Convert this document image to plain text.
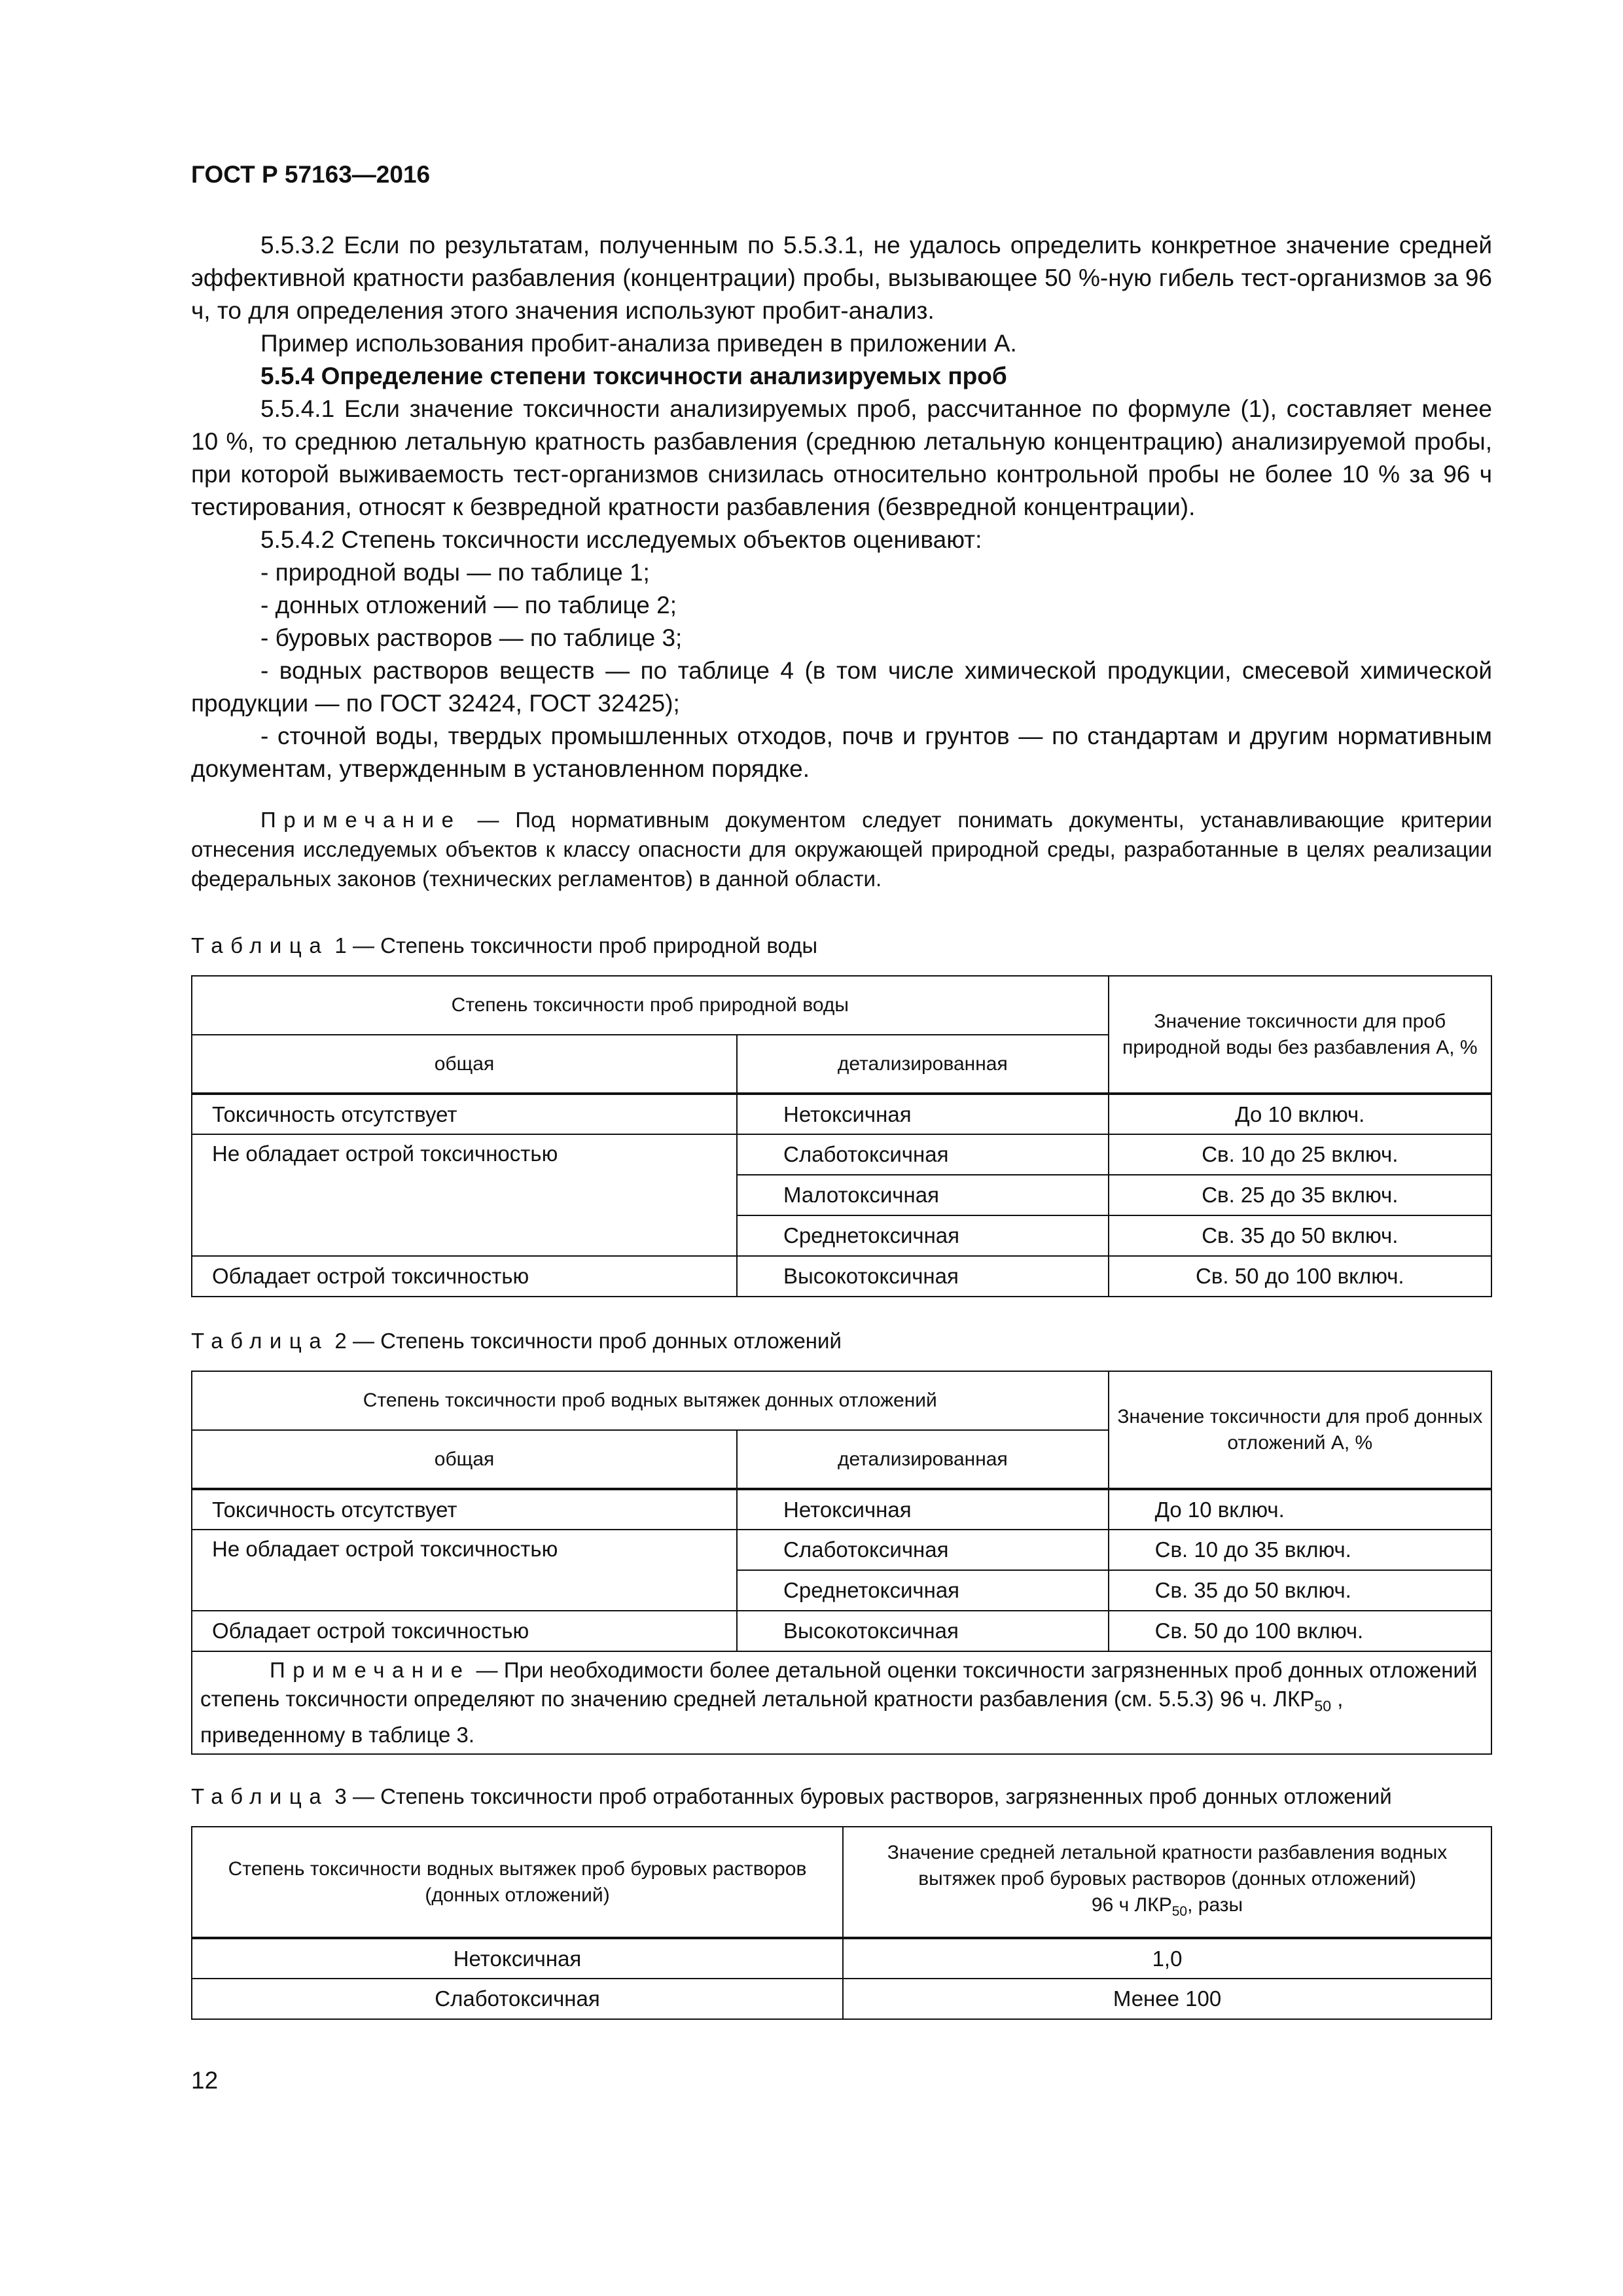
ГОСТ Р 57163—2016

5.5.3.2 Если по результатам, полученным по 5.5.3.1, не удалось определить конкретное значение средней эффективной кратности разбавления (концентрации) пробы, вызывающее 50 %-ную гибель тест-организмов за 96 ч, то для определения этого значения используют пробит-анализ.

Пример использования пробит-анализа приведен в приложении А.

5.5.4 Определение степени токсичности анализируемых проб

5.5.4.1 Если значение токсичности анализируемых проб, рассчитанное по формуле (1), составляет менее 10 %, то среднюю летальную кратность разбавления (среднюю летальную концентрацию) анализируемой пробы, при которой выживаемость тест-организмов снизилась относительно контрольной пробы не более 10 % за 96 ч тестирования, относят к безвредной кратности разбавления (безвредной концентрации).

5.5.4.2 Степень токсичности исследуемых объектов оценивают:

- природной воды — по таблице 1;

- донных отложений — по таблице 2;

- буровых растворов — по таблице 3;

- водных растворов веществ — по таблице 4 (в том числе химической продукции, смесевой химической продукции — по ГОСТ 32424, ГОСТ 32425);

- сточной воды, твердых промышленных отходов, почв и грунтов — по стандартам и другим нормативным документам, утвержденным в установленном порядке.

Примечание — Под нормативным документом следует понимать документы, устанавливающие критерии отнесения исследуемых объектов к классу опасности для окружающей природной среды, разработанные в целях реализации федеральных законов (технических регламентов) в данной области.

Таблица 1 — Степень токсичности проб природной воды
Степень токсичности проб природной воды		Значение токсичности для проб природной воды без разбавления А, %
общая	детализированная	
Токсичность отсутствует	Нетоксичная	До 10 включ.
Не обладает острой токсичностью	Слаботоксичная	Св. 10 до 25 включ.
	Малотоксичная	Св. 25 до 35 включ.
	Среднетоксичная	Св. 35 до 50 включ.
Обладает острой токсичностью	Высокотоксичная	Св. 50 до 100 включ.
Таблица 2 — Степень токсичности проб донных отложений
Степень токсичности проб водных вытяжек донных отложений		Значение токсичности для проб донных отложений А, %
общая	детализированная	
Токсичность отсутствует	Нетоксичная	До 10 включ.
Не обладает острой токсичностью	Слаботоксичная	Св. 10 до 35 включ.
	Среднетоксичная	Св. 35 до 50 включ.
Обладает острой токсичностью	Высокотоксичная	Св. 50 до 100 включ.
Примечание — При необходимости более детальной оценки токсичности загрязненных проб донных отложений степень токсичности определяют по значению средней летальной кратности разбавления (см. 5.5.3) 96 ч. $ЛКР_{50}$ , приведенному в таблице 3.		
Таблица 3 — Степень токсичности проб отработанных буровых растворов, загрязненных проб донных отложений
Степень токсичности водных вытяжек проб буровых растворов (донных отложений)	Значение средней летальной кратности разбавления водных вытяжек проб буровых растворов (донных отложений)
96 ч $ЛКР_{50}$, разы
Нетоксичная	1,0
Слаботоксичная	Менее 100
12
